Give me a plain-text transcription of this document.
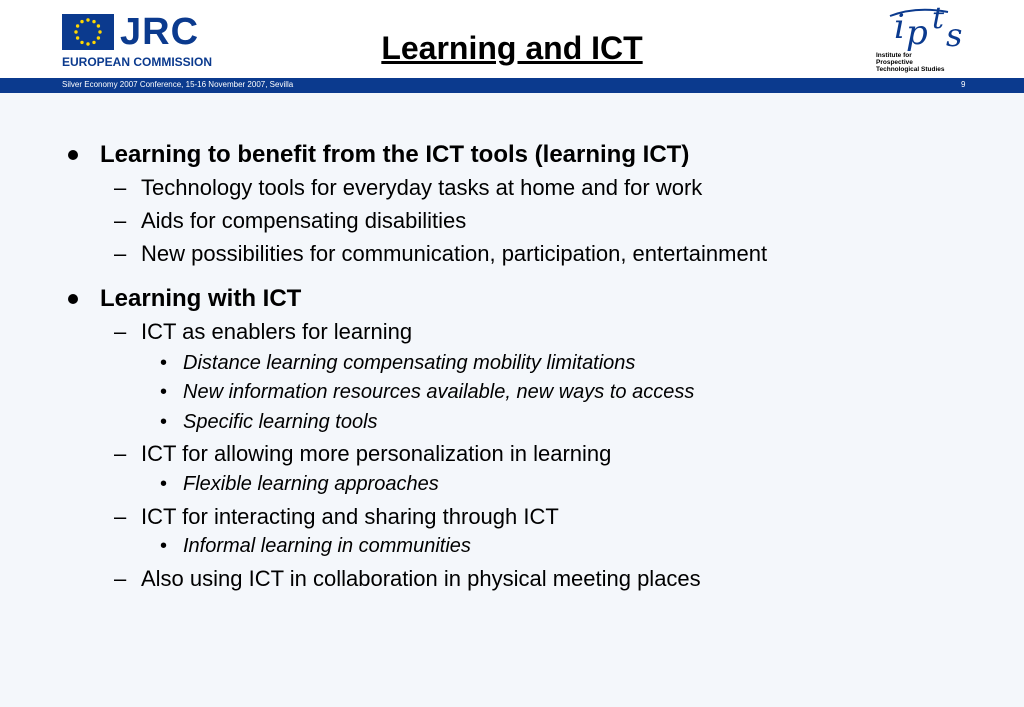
JRC
EUROPEAN COMMISSION	Learning and ICT
i p t s
Institute for
Prospective
Technological Studies
Silver Economy 2007 Conference, 15-16 November 2007, Sevilla	9
Learning to benefit from the ICT tools (learning ICT)
– Technology tools for everyday tasks at home and for work
– Aids for compensating disabilities
– New possibilities for communication, participation, entertainment
Learning with ICT
– ICT as enablers for learning
• Distance learning compensating mobility limitations
• New information resources available, new ways to access
• Specific learning tools
– ICT for allowing more personalization in learning
• Flexible learning approaches
– ICT for interacting and sharing through ICT
• Informal learning in communities
– Also using ICT in collaboration in physical meeting places
